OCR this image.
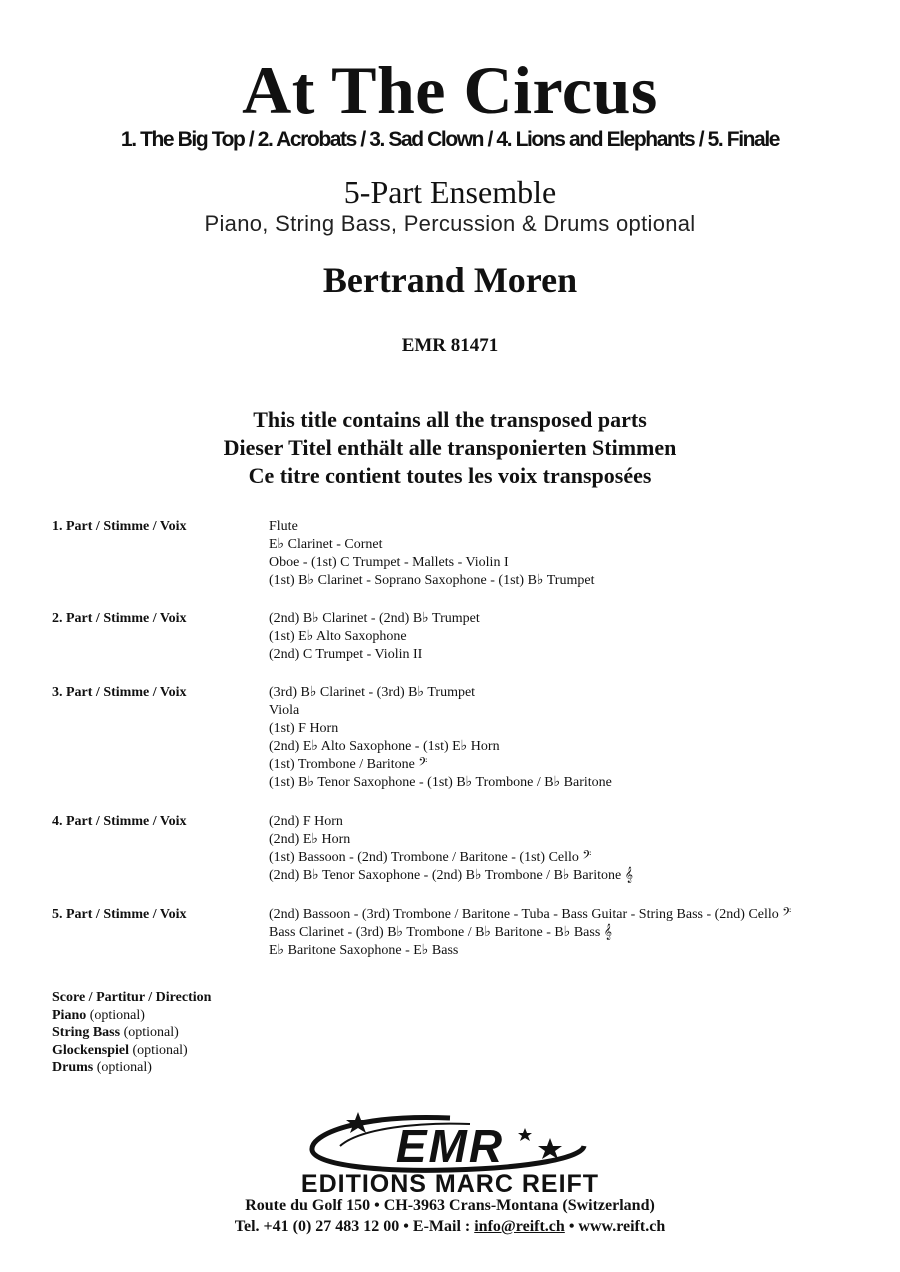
At The Circus
1. The Big Top / 2. Acrobats / 3. Sad Clown / 4. Lions and Elephants / 5. Finale
5-Part Ensemble
Piano, String Bass, Percussion & Drums optional
Bertrand Moren
EMR 81471
This title contains all the transposed parts
Dieser Titel enthält alle transponierten Stimmen
Ce titre contient toutes les voix transposées
1. Part / Stimme / Voix	Flute
E♭ Clarinet - Cornet
Oboe - (1st) C Trumpet - Mallets - Violin I
(1st) B♭ Clarinet - Soprano Saxophone - (1st) B♭ Trumpet
2. Part / Stimme / Voix	(2nd) B♭ Clarinet - (2nd) B♭ Trumpet
(1st) E♭ Alto Saxophone
(2nd) C Trumpet - Violin II
3. Part / Stimme / Voix	(3rd) B♭ Clarinet - (3rd) B♭ Trumpet
Viola
(1st) F Horn
(2nd) E♭ Alto Saxophone - (1st) E♭ Horn
(1st) Trombone / Baritone 𝄢
(1st) B♭ Tenor Saxophone - (1st) B♭ Trombone / B♭ Baritone
4. Part / Stimme / Voix	(2nd) F Horn
(2nd) E♭ Horn
(1st) Bassoon - (2nd) Trombone / Baritone - (1st) Cello 𝄢
(2nd) B♭ Tenor Saxophone - (2nd) B♭ Trombone / B♭ Baritone 𝄞
5. Part / Stimme / Voix	(2nd) Bassoon - (3rd) Trombone / Baritone - Tuba - Bass Guitar - String Bass - (2nd) Cello 𝄢
Bass Clarinet - (3rd) B♭ Trombone / B♭ Baritone - B♭ Bass 𝄞
E♭ Baritone Saxophone - E♭ Bass
Score / Partitur / Direction
Piano (optional)
String Bass (optional)
Glockenspiel (optional)
Drums (optional)
EMR
EDITIONS MARC REIFT
Route du Golf 150 • CH-3963 Crans-Montana (Switzerland)
Tel. +41 (0) 27 483 12 00 • E-Mail : info@reift.ch • www.reift.ch
